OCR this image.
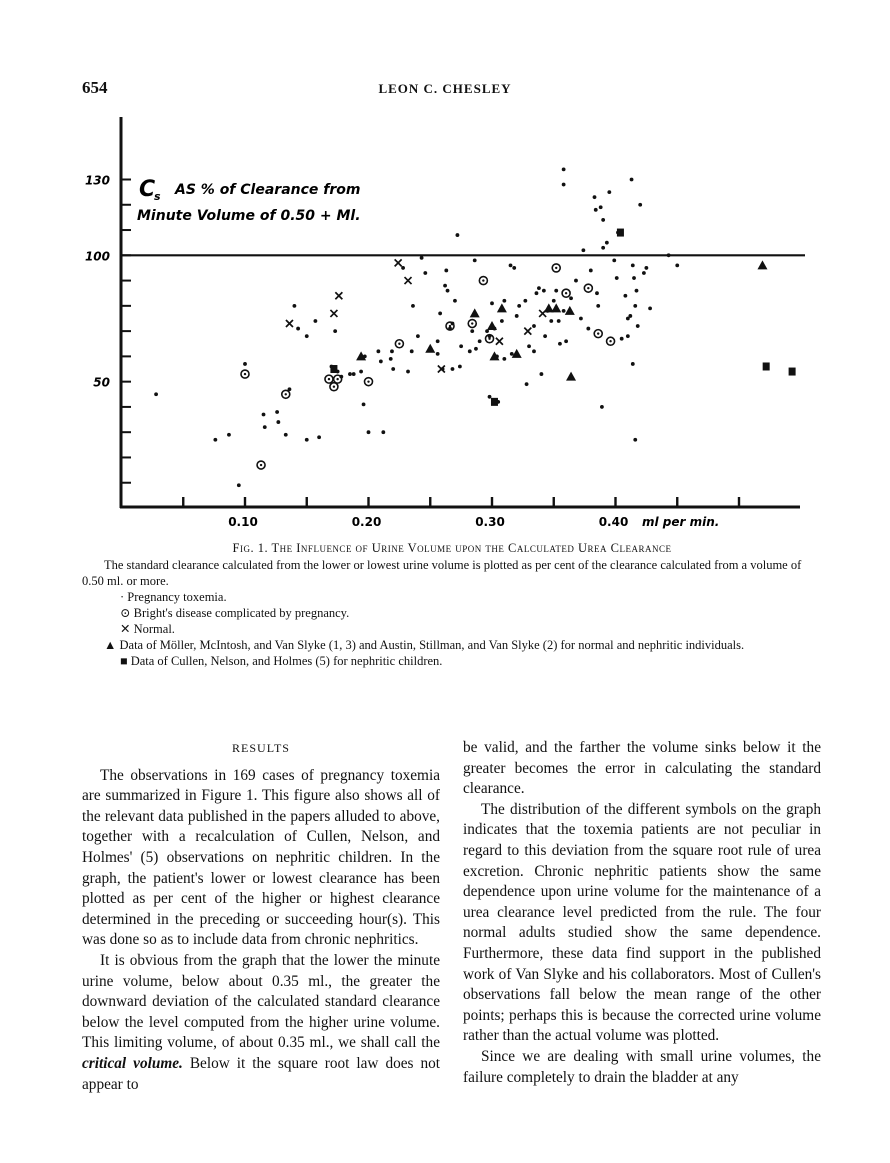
654	LEON C. CHESLEY
50
100
130
0.10	0.20	0.30	0.40
C
s AS % of Clearance from
Minute Volume of 0.50 + Ml.
ml per min.
Fig. 1. The Influence of Urine Volume upon the Calculated Urea Clearance

The standard clearance calculated from the lower or lowest urine volume is plotted as per cent of the clearance calculated from a volume of 0.50 ml. or more.

· Pregnancy toxemia.
⊙ Bright's disease complicated by pregnancy.
✕ Normal.

▲ Data of Möller, McIntosh, and Van Slyke (1, 3) and Austin, Stillman, and Van Slyke (2) for normal and nephritic individuals.

■ Data of Cullen, Nelson, and Holmes (5) for nephritic children.
RESULTS

The observations in 169 cases of pregnancy toxemia are summarized in Figure 1. This figure also shows all of the relevant data published in the papers alluded to above, together with a recalculation of Cullen, Nelson, and Holmes' (5) observations on nephritic children. In the graph, the patient's lower or lowest clearance has been plotted as per cent of the higher or highest clearance determined in the preceding or succeeding hour(s). This was done so as to include data from chronic nephritics.

It is obvious from the graph that the lower the minute urine volume, below about 0.35 ml., the greater the downward deviation of the calculated standard clearance below the level computed from the higher urine volume. This limiting volume, of about 0.35 ml., we shall call the critical volume. Below it the square root law does not appear to

be valid, and the farther the volume sinks below it the greater becomes the error in calculating the standard clearance.

The distribution of the different symbols on the graph indicates that the toxemia patients are not peculiar in regard to this deviation from the square root rule of urea excretion. Chronic nephritic patients show the same dependence upon urine volume for the maintenance of a urea clearance level predicted from the rule. The four normal adults studied show the same dependence. Furthermore, these data find support in the published work of Van Slyke and his collaborators. Most of Cullen's observations fall below the mean range of the other points; perhaps this is because the corrected urine volume rather than the actual volume was plotted.

Since we are dealing with small urine volumes, the failure completely to drain the bladder at any
